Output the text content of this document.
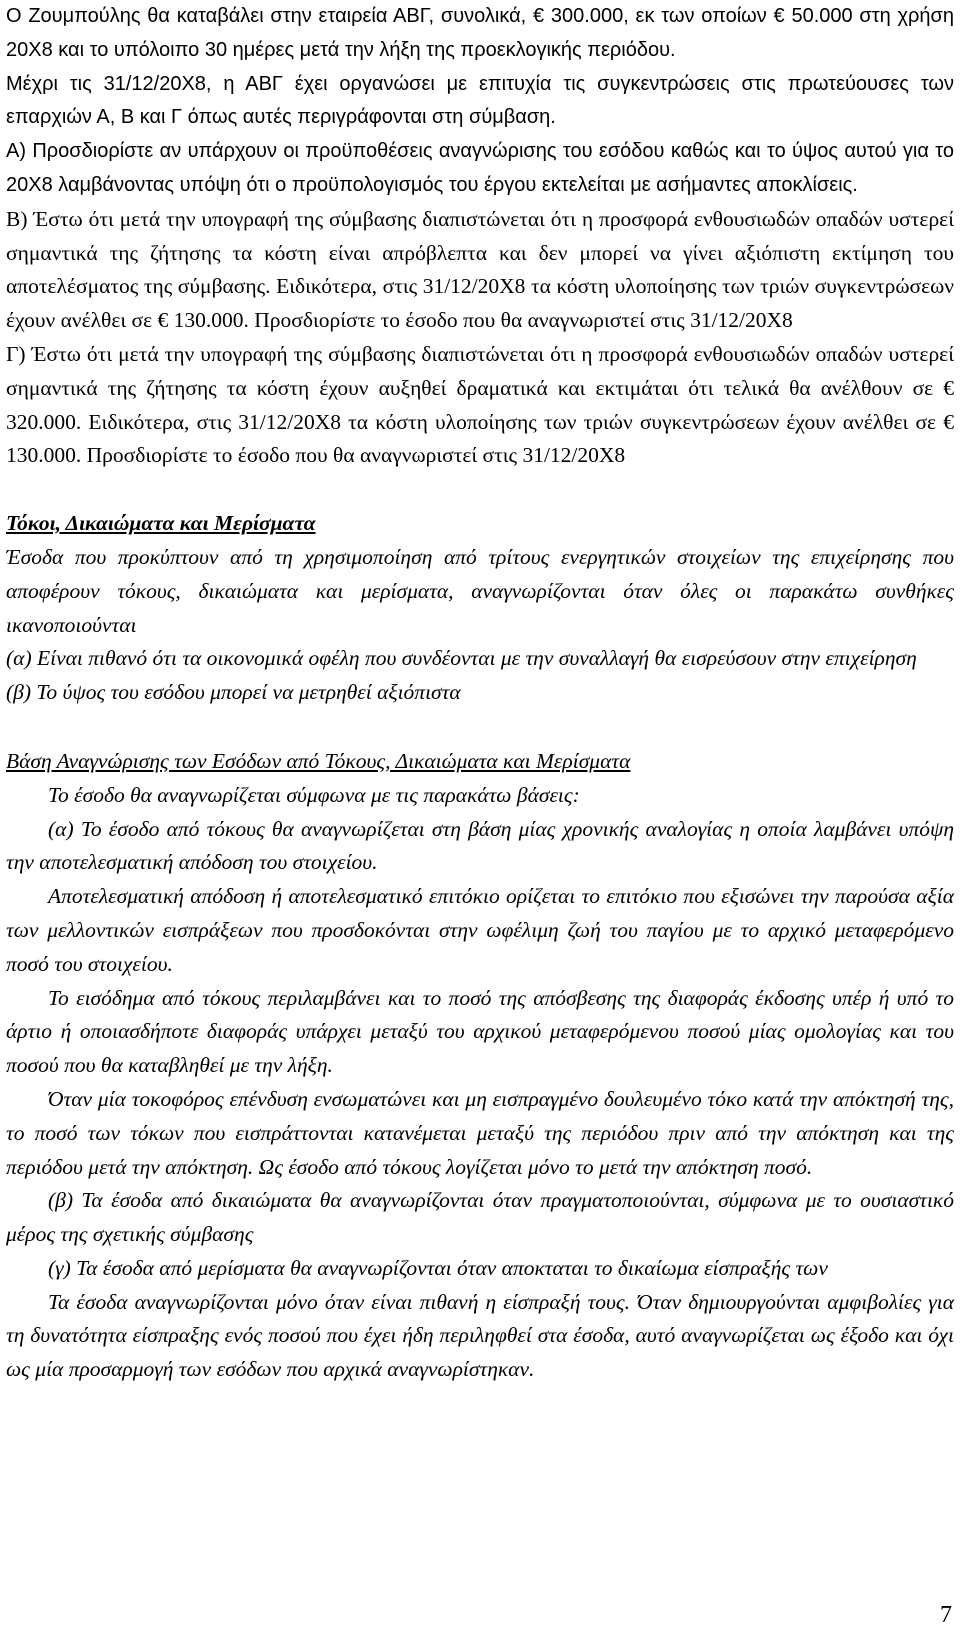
Ο Ζουμπούλης θα καταβάλει στην εταιρεία ΑΒΓ, συνολικά, € 300.000, εκ των οποίων € 50.000 στη χρήση 20Χ8 και το υπόλοιπο 30 ημέρες μετά την λήξη της προεκλογικής περιόδου.

Μέχρι τις 31/12/20Χ8, η ΑΒΓ έχει οργανώσει με επιτυχία τις συγκεντρώσεις στις πρωτεύουσες των επαρχιών Α, Β και Γ όπως αυτές περιγράφονται στη σύμβαση.

Α) Προσδιορίστε αν υπάρχουν οι προϋποθέσεις αναγνώρισης του εσόδου καθώς και το ύψος αυτού για το 20Χ8 λαμβάνοντας υπόψη ότι ο προϋπολογισμός του έργου εκτελείται με ασήμαντες αποκλίσεις.

Β) Έστω ότι μετά την υπογραφή της σύμβασης διαπιστώνεται ότι η προσφορά ενθουσιωδών οπαδών υστερεί σημαντικά της ζήτησης τα κόστη είναι απρόβλεπτα και δεν μπορεί να γίνει αξιόπιστη εκτίμηση του αποτελέσματος της σύμβασης. Ειδικότερα, στις 31/12/20Χ8 τα κόστη υλοποίησης των τριών συγκεντρώσεων έχουν ανέλθει σε € 130.000. Προσδιορίστε το έσοδο που θα αναγνωριστεί στις 31/12/20Χ8

Γ) Έστω ότι μετά την υπογραφή της σύμβασης διαπιστώνεται ότι η προσφορά ενθουσιωδών οπαδών υστερεί σημαντικά της ζήτησης τα κόστη έχουν αυξηθεί δραματικά και εκτιμάται ότι τελικά θα ανέλθουν σε € 320.000. Ειδικότερα, στις 31/12/20Χ8 τα κόστη υλοποίησης των τριών συγκεντρώσεων έχουν ανέλθει σε € 130.000. Προσδιορίστε το έσοδο που θα αναγνωριστεί στις 31/12/20Χ8

Τόκοι, Δικαιώματα και Μερίσματα

Έσοδα που προκύπτουν από τη χρησιμοποίηση από τρίτους ενεργητικών στοιχείων της επιχείρησης που αποφέρουν τόκους, δικαιώματα και μερίσματα, αναγνωρίζονται όταν όλες οι παρακάτω συνθήκες ικανοποιούνται

(α) Είναι πιθανό ότι τα οικονομικά οφέλη που συνδέονται με την συναλλαγή θα εισρεύσουν στην επιχείρηση

(β) Το ύψος του εσόδου μπορεί να μετρηθεί αξιόπιστα

Βάση Αναγνώρισης των Εσόδων από Τόκους, Δικαιώματα και Μερίσματα

Το έσοδο θα αναγνωρίζεται σύμφωνα με τις παρακάτω βάσεις:

(α) Το έσοδο από τόκους θα αναγνωρίζεται στη βάση μίας χρονικής αναλογίας η οποία λαμβάνει υπόψη την αποτελεσματική απόδοση του στοιχείου.

Αποτελεσματική απόδοση ή αποτελεσματικό επιτόκιο ορίζεται το επιτόκιο που εξισώνει την παρούσα αξία των μελλοντικών εισπράξεων που προσδοκόνται στην ωφέλιμη ζωή του παγίου με το αρχικό μεταφερόμενο ποσό του στοιχείου.

Το εισόδημα από τόκους περιλαμβάνει και το ποσό της απόσβεσης της διαφοράς έκδοσης υπέρ ή υπό το άρτιο ή οποιασδήποτε διαφοράς υπάρχει μεταξύ του αρχικού μεταφερόμενου ποσού μίας ομολογίας και του ποσού που θα καταβληθεί με την λήξη.

Όταν μία τοκοφόρος επένδυση ενσωματώνει και μη εισπραγμένο δουλευμένο τόκο κατά την απόκτησή της, το ποσό των τόκων που εισπράττονται κατανέμεται μεταξύ της περιόδου πριν από την απόκτηση και της περιόδου μετά την απόκτηση. Ως έσοδο από τόκους λογίζεται μόνο το μετά την απόκτηση ποσό.

(β) Τα έσοδα από δικαιώματα θα αναγνωρίζονται όταν πραγματοποιούνται, σύμφωνα με το ουσιαστικό μέρος της σχετικής σύμβασης

(γ) Τα έσοδα από μερίσματα θα αναγνωρίζονται όταν αποκταται το δικαίωμα είσπραξής των

Τα έσοδα αναγνωρίζονται μόνο όταν είναι πιθανή η είσπραξή τους. Όταν δημιουργούνται αμφιβολίες για τη δυνατότητα είσπραξης ενός ποσού που έχει ήδη περιληφθεί στα έσοδα, αυτό αναγνωρίζεται ως έξοδο και όχι ως μία προσαρμογή των εσόδων που αρχικά αναγνωρίστηκαν.

7
